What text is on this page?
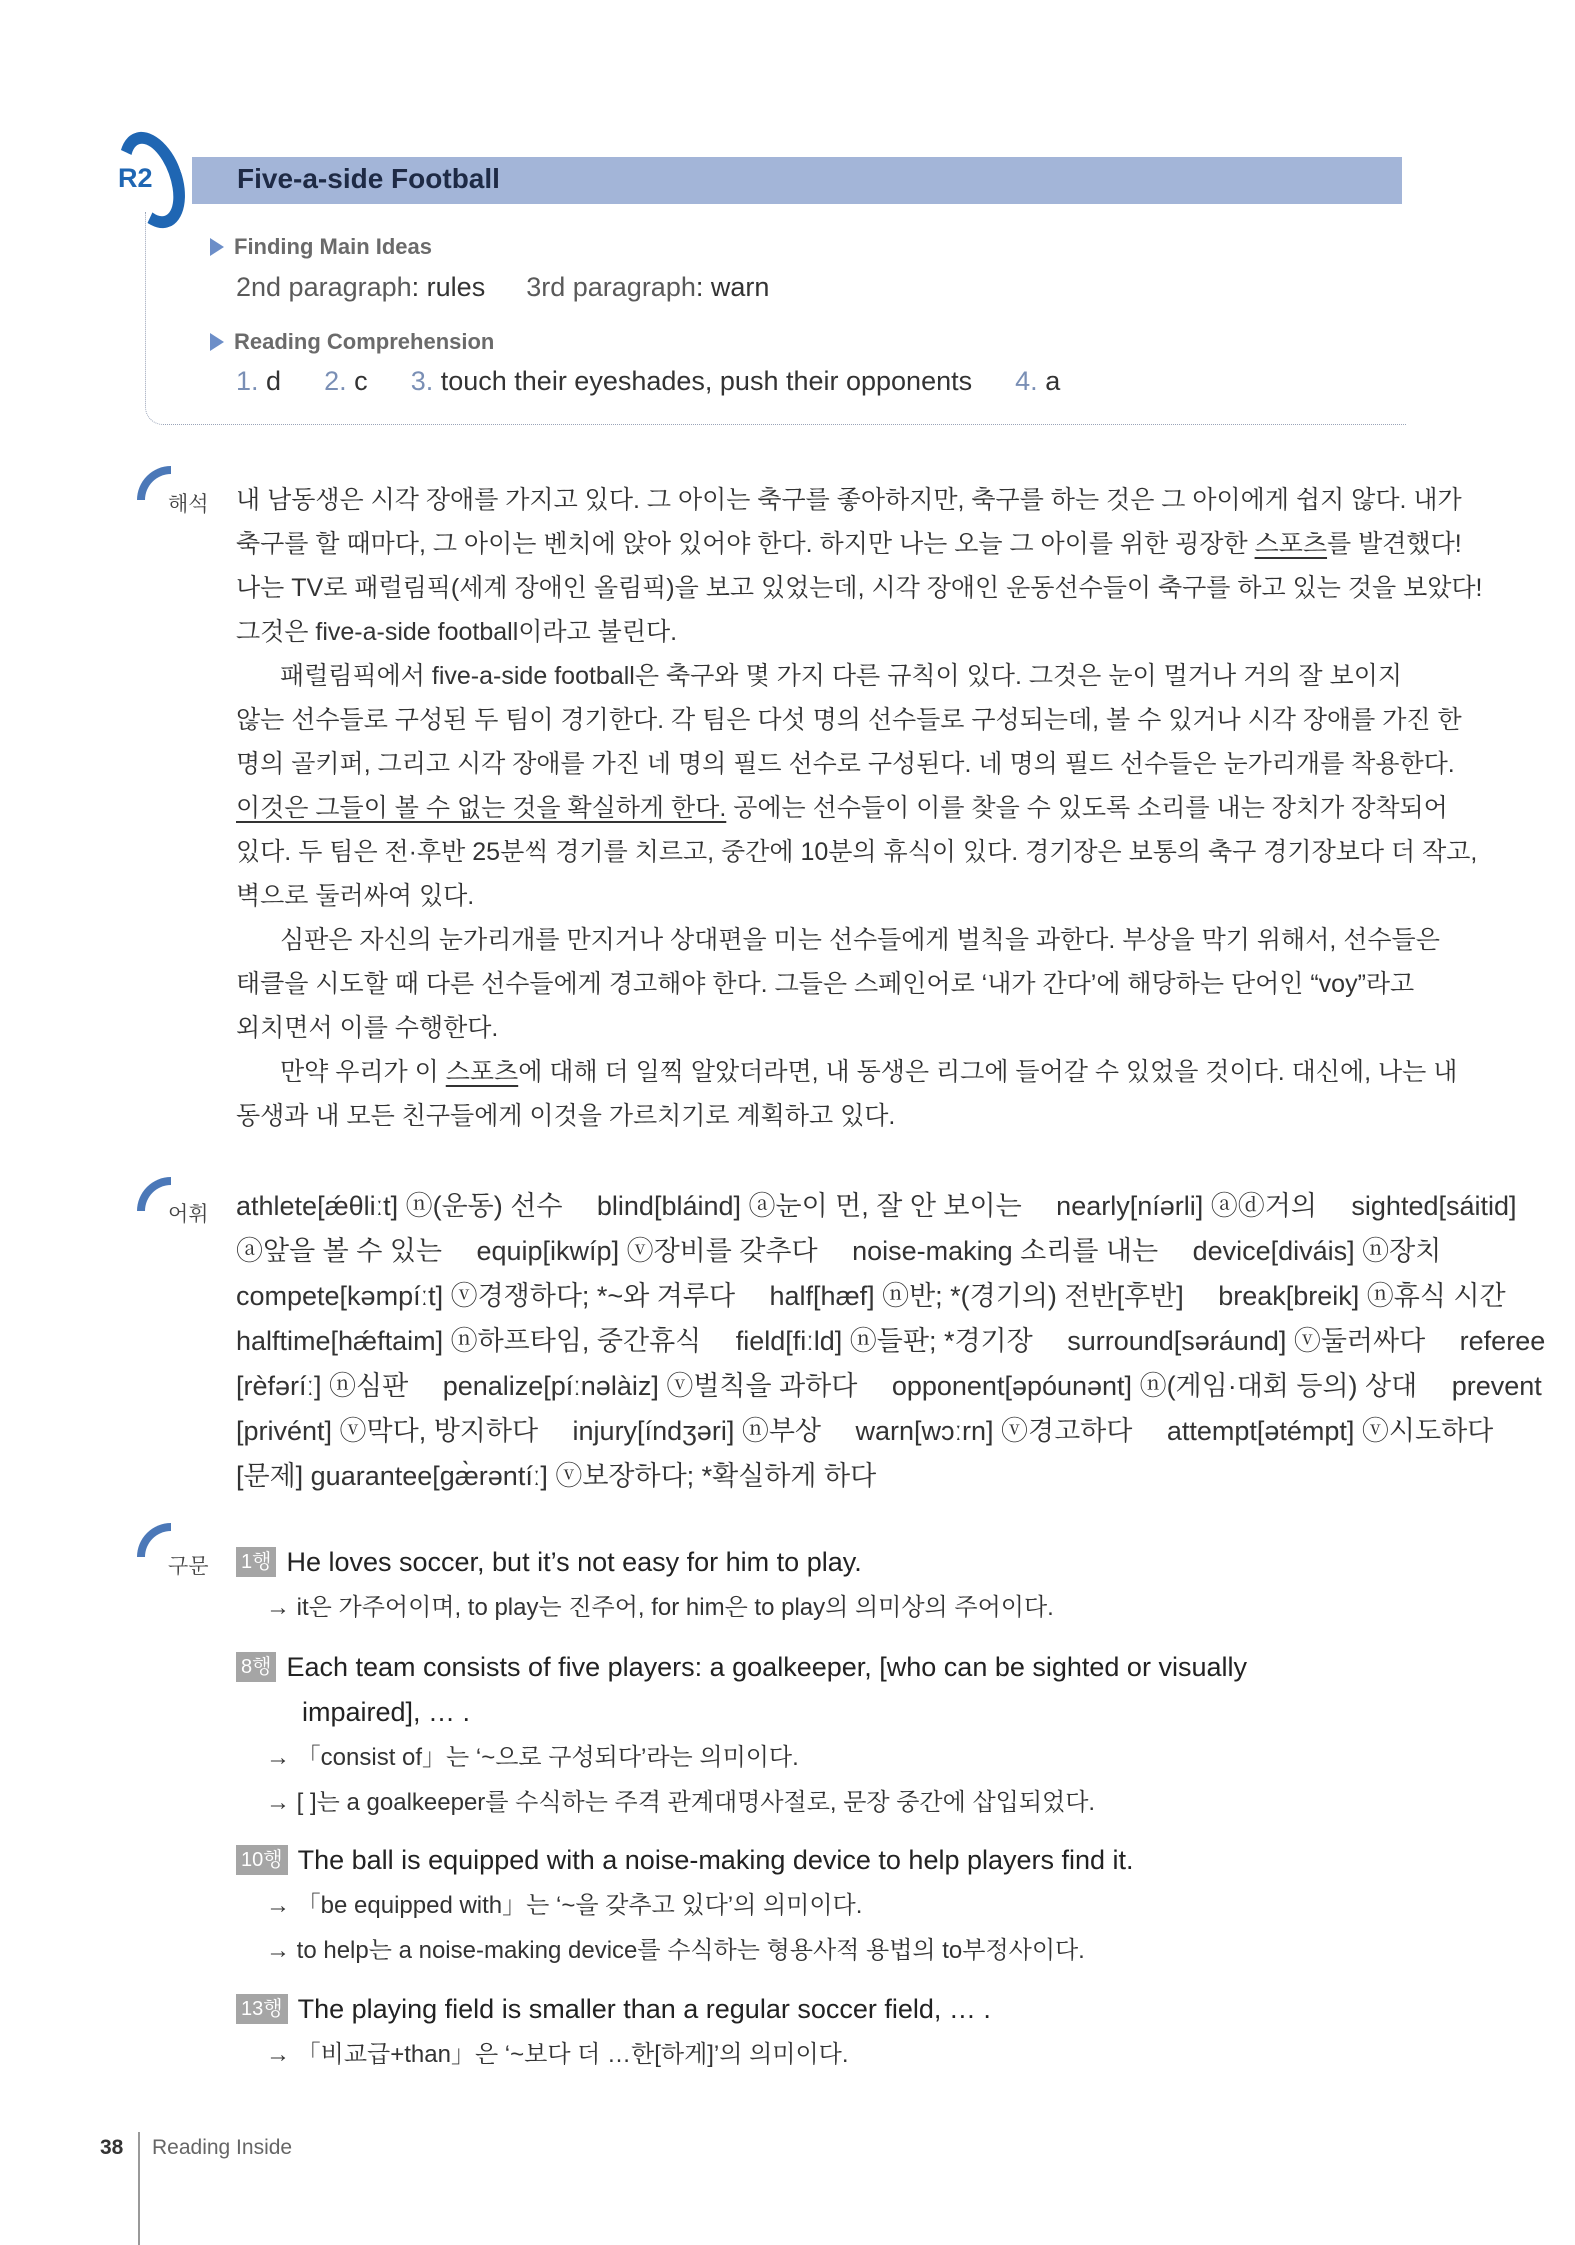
R2	Five-a-side Football
Finding Main Ideas
2nd paragraph: rules 3rd paragraph: warn
Reading Comprehension
1. d 2. c 3. touch their eyeshades, push their opponents 4. a
해석 내 남동생은 시각 장애를 가지고 있다. 그 아이는 축구를 좋아하지만, 축구를 하는 것은 그 아이에게 쉽지 않다. 내가
축구를 할 때마다, 그 아이는 벤치에 앉아 있어야 한다. 하지만 나는 오늘 그 아이를 위한 굉장한 스포츠를 발견했다!
나는 TV로 패럴림픽(세계 장애인 올림픽)을 보고 있었는데, 시각 장애인 운동선수들이 축구를 하고 있는 것을 보았다!
그것은 five-a-side football이라고 불린다.
패럴림픽에서 five-a-side football은 축구와 몇 가지 다른 규칙이 있다. 그것은 눈이 멀거나 거의 잘 보이지
않는 선수들로 구성된 두 팀이 경기한다. 각 팀은 다섯 명의 선수들로 구성되는데, 볼 수 있거나 시각 장애를 가진 한
명의 골키퍼, 그리고 시각 장애를 가진 네 명의 필드 선수로 구성된다. 네 명의 필드 선수들은 눈가리개를 착용한다.
이것은 그들이 볼 수 없는 것을 확실하게 한다. 공에는 선수들이 이를 찾을 수 있도록 소리를 내는 장치가 장착되어
있다. 두 팀은 전·후반 25분씩 경기를 치르고, 중간에 10분의 휴식이 있다. 경기장은 보통의 축구 경기장보다 더 작고,
벽으로 둘러싸여 있다.
심판은 자신의 눈가리개를 만지거나 상대편을 미는 선수들에게 벌칙을 과한다. 부상을 막기 위해서, 선수들은
태클을 시도할 때 다른 선수들에게 경고해야 한다. 그들은 스페인어로 ‘내가 간다’에 해당하는 단어인 “voy”라고
외치면서 이를 수행한다.
만약 우리가 이 스포츠에 대해 더 일찍 알았더라면, 내 동생은 리그에 들어갈 수 있었을 것이다. 대신에, 나는 내
동생과 내 모든 친구들에게 이것을 가르치기로 계획하고 있다.
어휘 athlete[ǽθliːt] ⓝ(운동) 선수 　blind[bláind] ⓐ눈이 먼, 잘 안 보이는 　nearly[níərli] ⓐⓓ거의 　sighted[sáitid]
ⓐ앞을 볼 수 있는 　equip[ikwíp] ⓥ장비를 갖추다 　noise-making 소리를 내는 　device[diváis] ⓝ장치
compete[kəmpíːt] ⓥ경쟁하다; *~와 겨루다 　half[hæf] ⓝ반; *(경기의) 전반[후반] 　break[breik] ⓝ휴식 시간
halftime[hǽftaim] ⓝ하프타임, 중간휴식 　field[fiːld] ⓝ들판; *경기장 　surround[səráund] ⓥ둘러싸다 　referee
[rèfəríː] ⓝ심판 　penalize[píːnəlàiz] ⓥ벌칙을 과하다 　opponent[əpóunənt] ⓝ(게임·대회 등의) 상대 　prevent
[privént] ⓥ막다, 방지하다 　injury[índʒəri] ⓝ부상 　warn[wɔːrn] ⓥ경고하다 　attempt[ətémpt] ⓥ시도하다
[문제] guarantee[gæ̀rəntíː] ⓥ보장하다; *확실하게 하다
구문 1행 He loves soccer, but it’s not easy for him to play.
→ it은 가주어이며, to play는 진주어, for him은 to play의 의미상의 주어이다.
8행 Each team consists of five players: a goalkeeper, [who can be sighted or visually
impaired], … .
→ 「consist of」는 ‘~으로 구성되다’라는 의미이다.
→ [ ]는 a goalkeeper를 수식하는 주격 관계대명사절로, 문장 중간에 삽입되었다.
10행 The ball is equipped with a noise-making device to help players find it.
→ 「be equipped with」는 ‘~을 갖추고 있다’의 의미이다.
→ to help는 a noise-making device를 수식하는 형용사적 용법의 to부정사이다.
13행 The playing field is smaller than a regular soccer field, … .
→ 「비교급+than」은 ‘~보다 더 …한[하게]’의 의미이다.
38 Reading Inside
